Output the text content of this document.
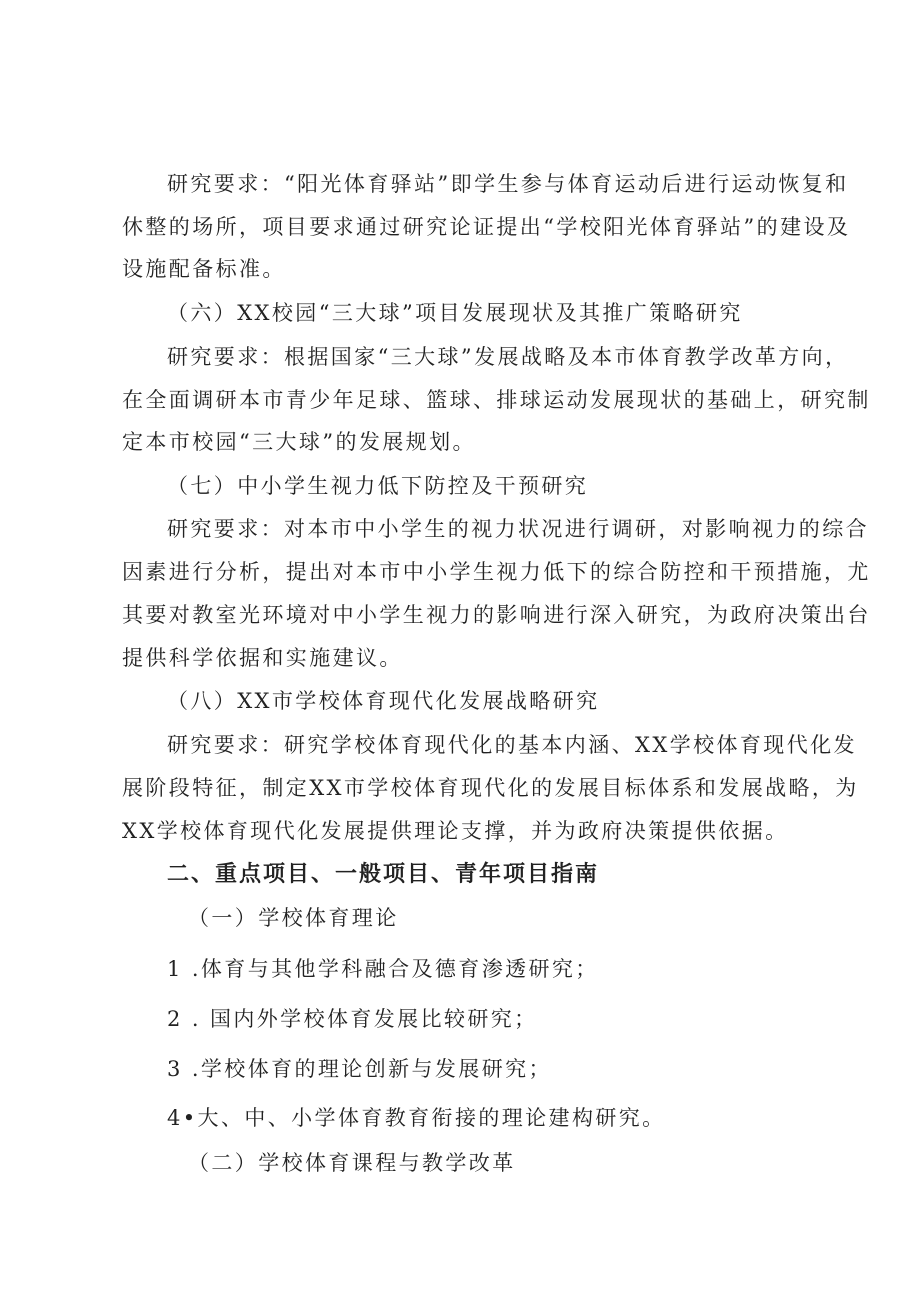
研究要求：“阳光体育驿站”即学生参与体育运动后进行运动恢复和

休整的场所，项目要求通过研究论证提出“学校阳光体育驿站”的建设及

设施配备标准。

（六）XX校园“三大球”项目发展现状及其推广策略研究

研究要求：根据国家“三大球”发展战略及本市体育教学改革方向，

在全面调研本市青少年足球、篮球、排球运动发展现状的基础上，研究制

定本市校园“三大球”的发展规划。

（七）中小学生视力低下防控及干预研究

研究要求：对本市中小学生的视力状况进行调研，对影响视力的综合

因素进行分析，提出对本市中小学生视力低下的综合防控和干预措施，尤

其要对教室光环境对中小学生视力的影响进行深入研究，为政府决策出台

提供科学依据和实施建议。

（八）XX市学校体育现代化发展战略研究

研究要求：研究学校体育现代化的基本内涵、XX学校体育现代化发

展阶段特征，制定XX市学校体育现代化的发展目标体系和发展战略，为

XX学校体育现代化发展提供理论支撑，并为政府决策提供依据。

二、重点项目、一般项目、青年项目指南

（一）学校体育理论

1 .体育与其他学科融合及德育渗透研究；

2 . 国内外学校体育发展比较研究；

3 .学校体育的理论创新与发展研究；

4•大、中、小学体育教育衔接的理论建构研究。

（二）学校体育课程与教学改革
